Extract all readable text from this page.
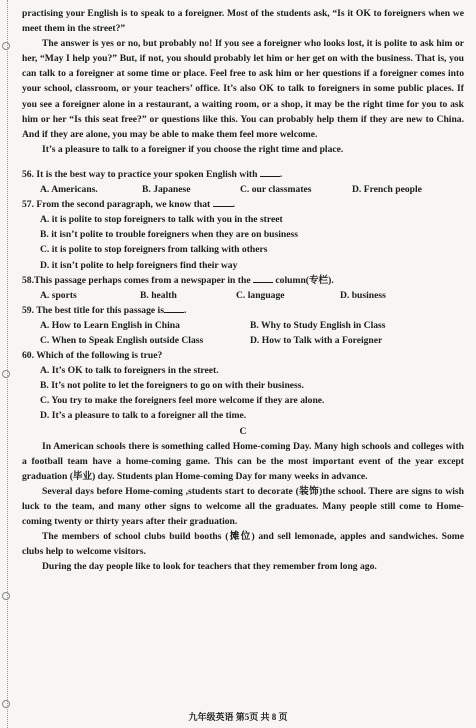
practising your English is to speak to a foreigner. Most of the students ask, “Is it OK to foreigners when we meet them in the street?”

The answer is yes or no, but probably no! If you see a foreigner who looks lost, it is polite to ask him or her, “May I help you?” But, if not, you should probably let him or her get on with the business. That is, you can talk to a foreigner at some time or place. Feel free to ask him or her questions if a foreigner comes into your school, classroom, or your teachers’ office. It’s also OK to talk to foreigners in some public places. If you see a foreigner alone in a restaurant, a waiting room, or a shop, it may be the right time for you to ask him or her “Is this seat free?” or questions like this. You can probably help them if they are new to China. And if they are alone, you may be able to make them feel more welcome.

It’s a pleasure to talk to a foreigner if you choose the right time and place.

56. It is the best way to practice your spoken English with .

A. Americans.	B. Japanese	C. our classmates	D. French people

57. From the second paragraph, we know that .

A. it is polite to stop foreigners to talk with you in the street

B. it isn’t polite to trouble foreigners when they are on business

C. it is polite to stop foreigners from talking with others

D. it isn’t polite to help foreigners find their way

58.This passage perhaps comes from a newspaper in the	column(专栏).

A. sports	B. health	C. language	D. business

59. The best title for this passage is .

A. How to Learn English in China	B. Why to Study English in Class
C. When to Speak English outside Class	D. How to Talk with a Foreigner

60. Which of the following is true?

A. It’s OK to talk to foreigners in the street.

B. It’s not polite to let the foreigners to go on with their business.

C. You try to make the foreigners feel more welcome if they are alone.

D. It’s a pleasure to talk to a foreigner all the time.

C

In American schools there is something called Home-coming Day. Many high schools and colleges with a football team have a home-coming game. This can be the most important event of the year except graduation (毕业) day. Students plan Home-coming Day for many weeks in advance.

Several days before Home-coming ,students start to decorate (装饰)the school. There are signs to wish luck to the team, and many other signs to welcome all the graduates. Many people still come to Home-coming twenty or thirty years after their graduation.

The members of school clubs build booths (摊位) and sell lemonade, apples and sandwiches. Some clubs help to welcome visitors.

During the day people like to look for teachers that they remember from long ago.

九年级英语 第5页 共 8 页
